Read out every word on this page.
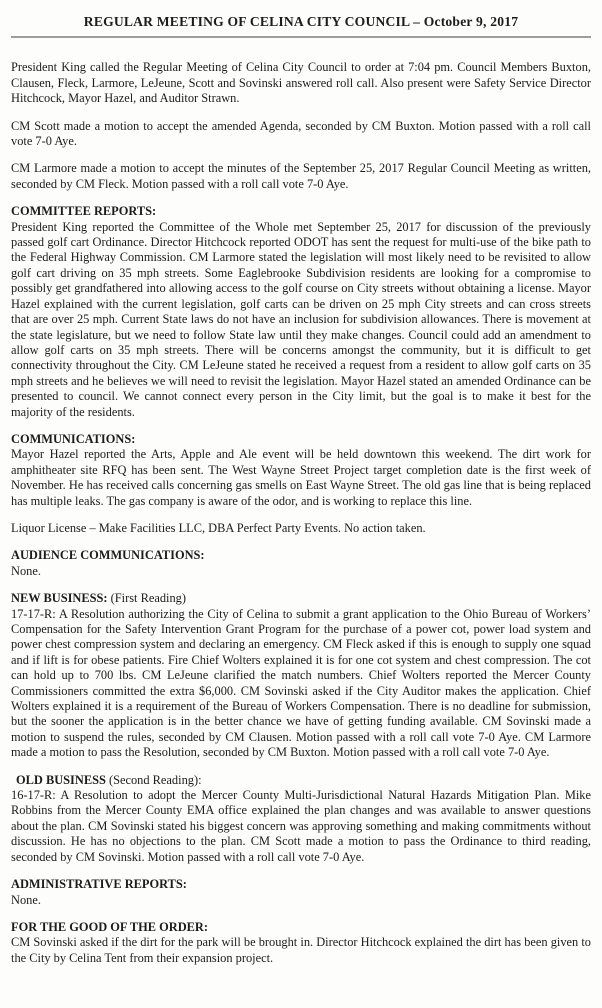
REGULAR MEETING OF CELINA CITY COUNCIL – October 9, 2017

President King called the Regular Meeting of Celina City Council to order at 7:04 pm. Council Members Buxton, Clausen, Fleck, Larmore, LeJeune, Scott and Sovinski answered roll call. Also present were Safety Service Director Hitchcock, Mayor Hazel, and Auditor Strawn.

CM Scott made a motion to accept the amended Agenda, seconded by CM Buxton. Motion passed with a roll call vote 7-0 Aye.

CM Larmore made a motion to accept the minutes of the September 25, 2017 Regular Council Meeting as written, seconded by CM Fleck. Motion passed with a roll call vote 7-0 Aye.

COMMITTEE REPORTS:

President King reported the Committee of the Whole met September 25, 2017 for discussion of the previously passed golf cart Ordinance. Director Hitchcock reported ODOT has sent the request for multi-use of the bike path to the Federal Highway Commission. CM Larmore stated the legislation will most likely need to be revisited to allow golf cart driving on 35 mph streets. Some Eaglebrooke Subdivision residents are looking for a compromise to possibly get grandfathered into allowing access to the golf course on City streets without obtaining a license. Mayor Hazel explained with the current legislation, golf carts can be driven on 25 mph City streets and can cross streets that are over 25 mph. Current State laws do not have an inclusion for subdivision allowances. There is movement at the state legislature, but we need to follow State law until they make changes. Council could add an amendment to allow golf carts on 35 mph streets. There will be concerns amongst the community, but it is difficult to get connectivity throughout the City. CM LeJeune stated he received a request from a resident to allow golf carts on 35 mph streets and he believes we will need to revisit the legislation. Mayor Hazel stated an amended Ordinance can be presented to council. We cannot connect every person in the City limit, but the goal is to make it best for the majority of the residents.

COMMUNICATIONS:

Mayor Hazel reported the Arts, Apple and Ale event will be held downtown this weekend. The dirt work for amphitheater site RFQ has been sent. The West Wayne Street Project target completion date is the first week of November. He has received calls concerning gas smells on East Wayne Street. The old gas line that is being replaced has multiple leaks. The gas company is aware of the odor, and is working to replace this line.

Liquor License – Make Facilities LLC, DBA Perfect Party Events. No action taken.

AUDIENCE COMMUNICATIONS:

None.

NEW BUSINESS: (First Reading)

17-17-R: A Resolution authorizing the City of Celina to submit a grant application to the Ohio Bureau of Workers’ Compensation for the Safety Intervention Grant Program for the purchase of a power cot, power load system and power chest compression system and declaring an emergency. CM Fleck asked if this is enough to supply one squad and if lift is for obese patients. Fire Chief Wolters explained it is for one cot system and chest compression. The cot can hold up to 700 lbs. CM LeJeune clarified the match numbers. Chief Wolters reported the Mercer County Commissioners committed the extra $6,000. CM Sovinski asked if the City Auditor makes the application. Chief Wolters explained it is a requirement of the Bureau of Workers Compensation. There is no deadline for submission, but the sooner the application is in the better chance we have of getting funding available. CM Sovinski made a motion to suspend the rules, seconded by CM Clausen. Motion passed with a roll call vote 7-0 Aye. CM Larmore made a motion to pass the Resolution, seconded by CM Buxton. Motion passed with a roll call vote 7-0 Aye.

OLD BUSINESS (Second Reading):

16-17-R: A Resolution to adopt the Mercer County Multi-Jurisdictional Natural Hazards Mitigation Plan. Mike Robbins from the Mercer County EMA office explained the plan changes and was available to answer questions about the plan. CM Sovinski stated his biggest concern was approving something and making commitments without discussion. He has no objections to the plan. CM Scott made a motion to pass the Ordinance to third reading, seconded by CM Sovinski. Motion passed with a roll call vote 7-0 Aye.

ADMINISTRATIVE REPORTS:

None.

FOR THE GOOD OF THE ORDER:

CM Sovinski asked if the dirt for the park will be brought in. Director Hitchcock explained the dirt has been given to the City by Celina Tent from their expansion project.
